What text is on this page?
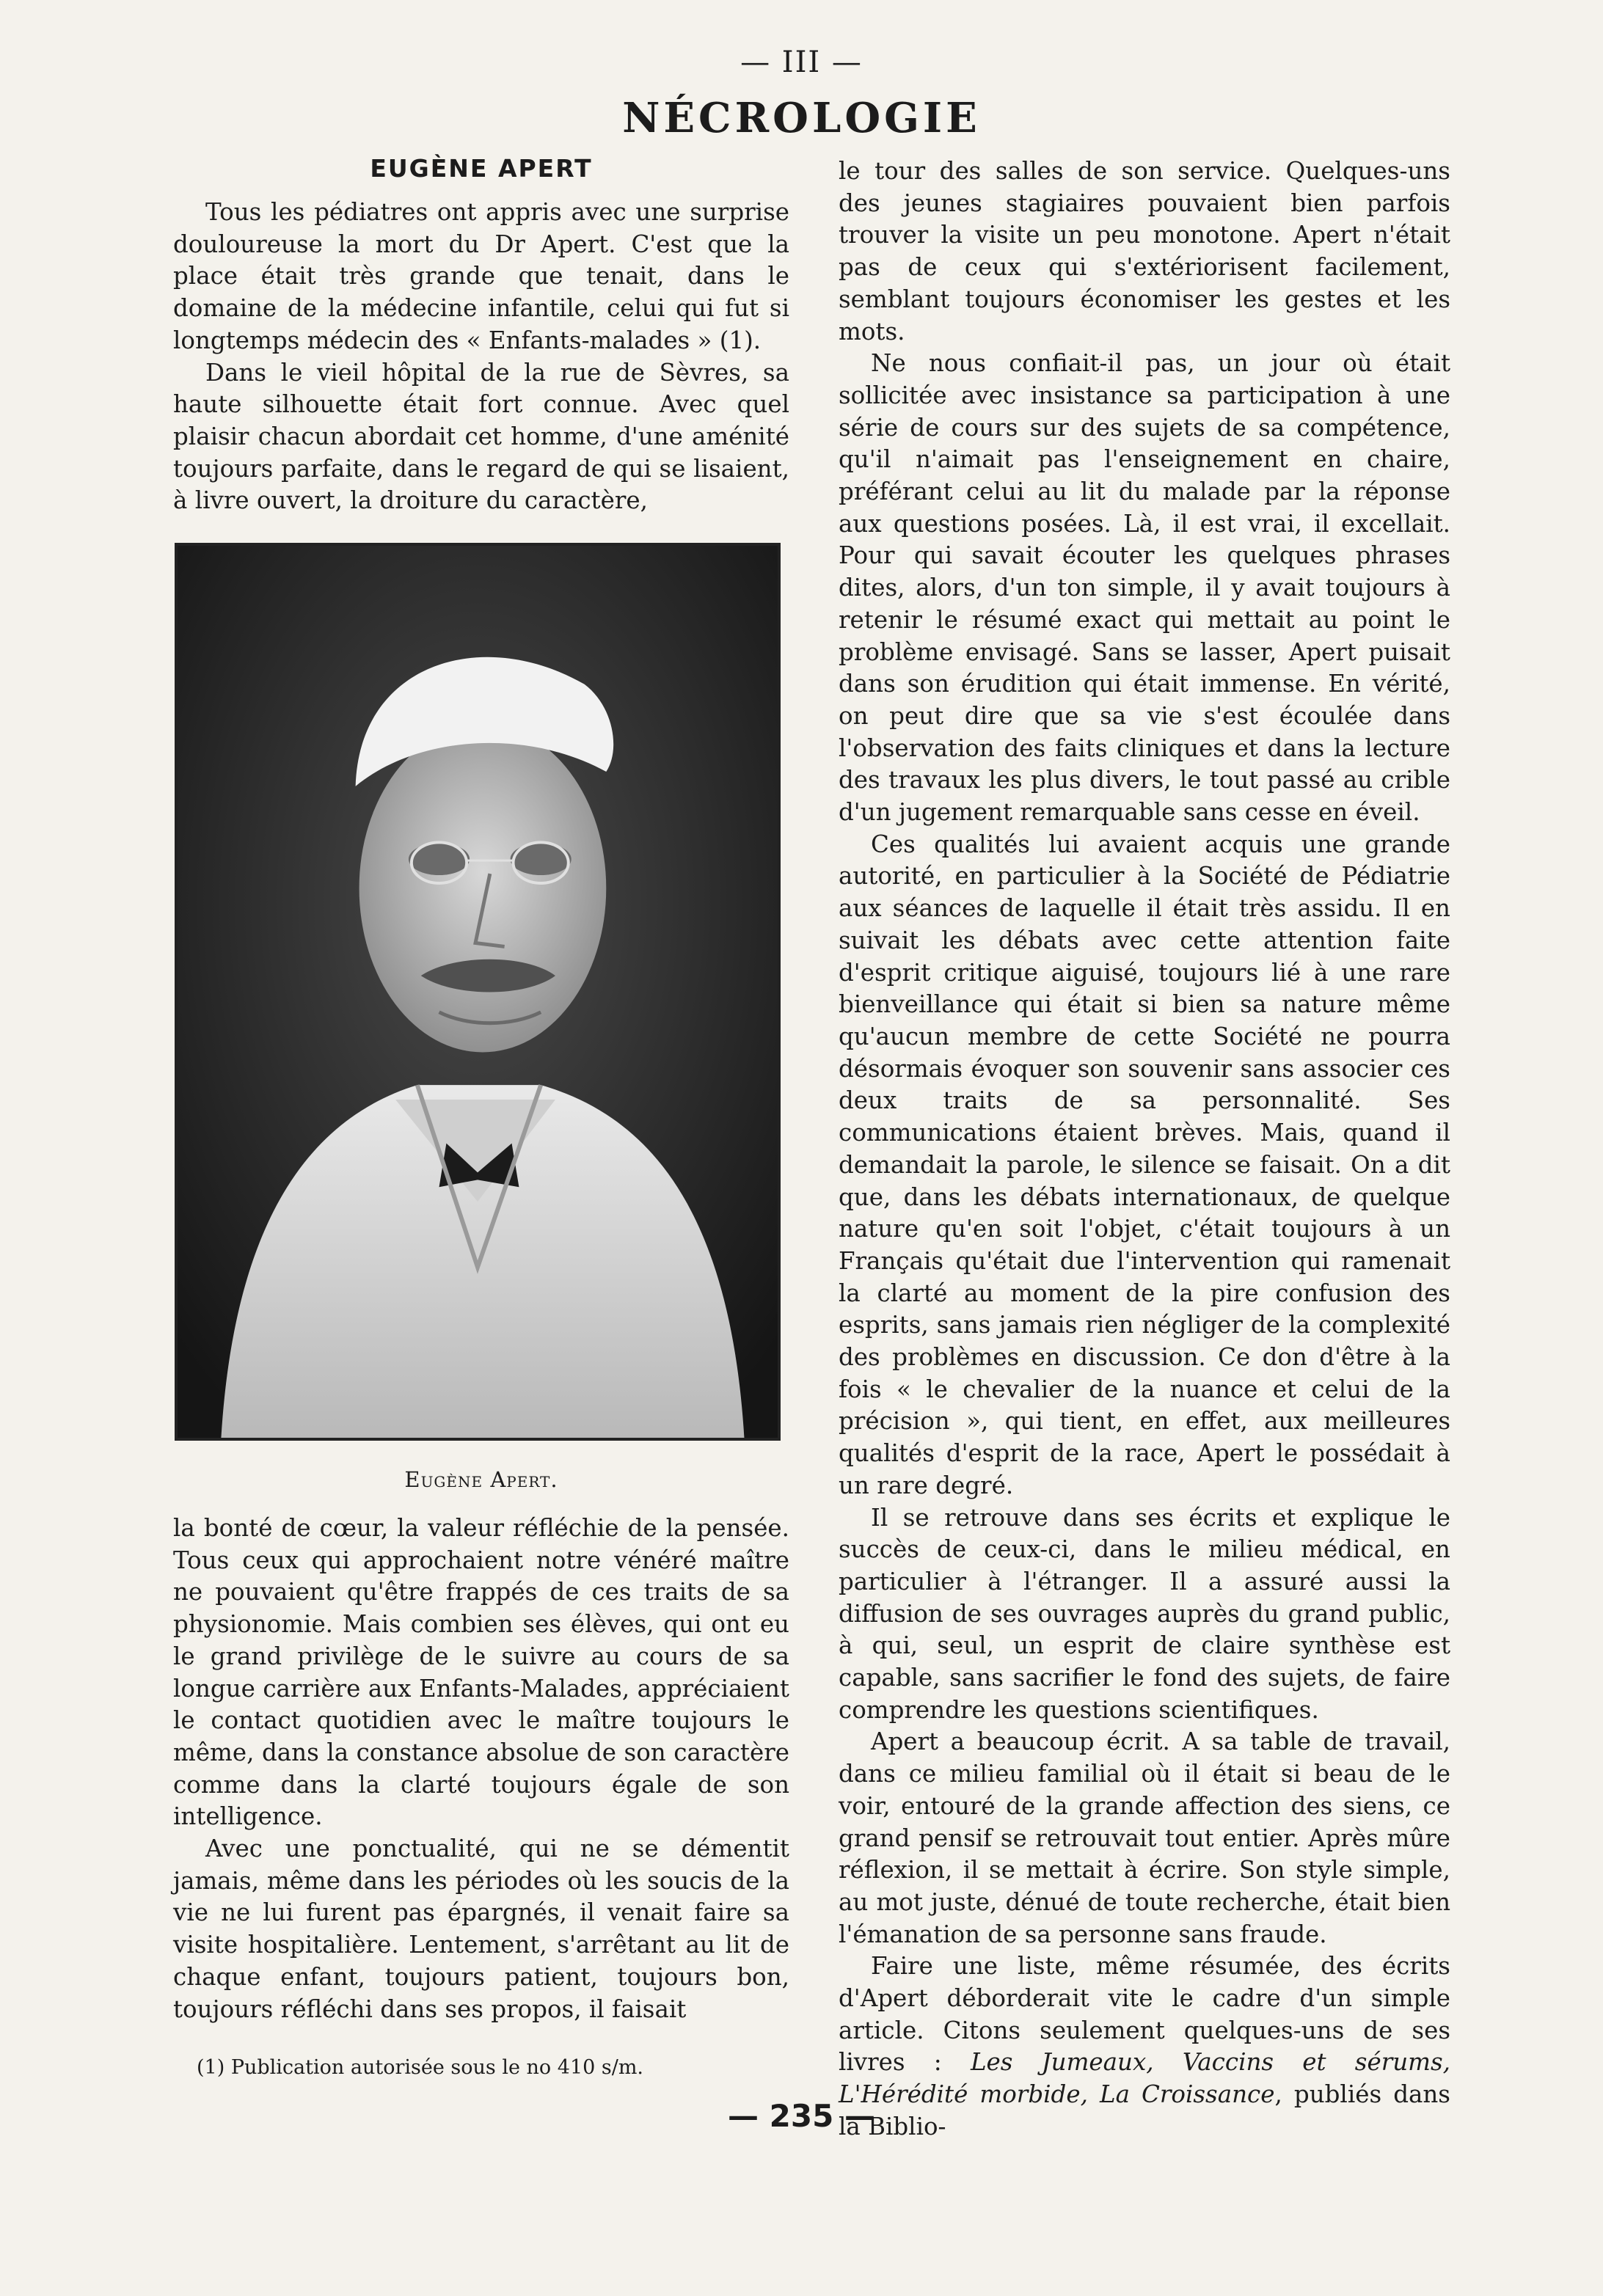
— III —
NÉCROLOGIE
EUGÈNE APERT

Tous les pédiatres ont appris avec une surprise douloureuse la mort du Dr Apert. C'est que la place était très grande que tenait, dans le domaine de la médecine infantile, celui qui fut si longtemps médecin des « Enfants-malades » (1).

Dans le vieil hôpital de la rue de Sèvres, sa haute silhouette était fort connue. Avec quel plaisir chacun abordait cet homme, d'une aménité toujours parfaite, dans le regard de qui se lisaient, à livre ouvert, la droiture du caractère,

Eugène Apert.

la bonté de cœur, la valeur réfléchie de la pensée. Tous ceux qui approchaient notre vénéré maître ne pouvaient qu'être frappés de ces traits de sa physionomie. Mais combien ses élèves, qui ont eu le grand privilège de le suivre au cours de sa longue carrière aux Enfants-Malades, appréciaient le contact quotidien avec le maître toujours le même, dans la constance absolue de son caractère comme dans la clarté toujours égale de son intelligence.

Avec une ponctualité, qui ne se démentit jamais, même dans les périodes où les soucis de la vie ne lui furent pas épargnés, il venait faire sa visite hospitalière. Lentement, s'arrêtant au lit de chaque enfant, toujours patient, toujours bon, toujours réfléchi dans ses propos, il faisait

(1) Publication autorisée sous le no 410 s/m.

le tour des salles de son service. Quelques-uns des jeunes stagiaires pouvaient bien parfois trouver la visite un peu monotone. Apert n'était pas de ceux qui s'extériorisent facilement, semblant toujours économiser les gestes et les mots.

Ne nous confiait-il pas, un jour où était sollicitée avec insistance sa participation à une série de cours sur des sujets de sa compétence, qu'il n'aimait pas l'enseignement en chaire, préférant celui au lit du malade par la réponse aux questions posées. Là, il est vrai, il excellait. Pour qui savait écouter les quelques phrases dites, alors, d'un ton simple, il y avait toujours à retenir le résumé exact qui mettait au point le problème envisagé. Sans se lasser, Apert puisait dans son érudition qui était immense. En vérité, on peut dire que sa vie s'est écoulée dans l'observation des faits cliniques et dans la lecture des travaux les plus divers, le tout passé au crible d'un jugement remarquable sans cesse en éveil.

Ces qualités lui avaient acquis une grande autorité, en particulier à la Société de Pédiatrie aux séances de laquelle il était très assidu. Il en suivait les débats avec cette attention faite d'esprit critique aiguisé, toujours lié à une rare bienveillance qui était si bien sa nature même qu'aucun membre de cette Société ne pourra désormais évoquer son souvenir sans associer ces deux traits de sa personnalité. Ses communications étaient brèves. Mais, quand il demandait la parole, le silence se faisait. On a dit que, dans les débats internationaux, de quelque nature qu'en soit l'objet, c'était toujours à un Français qu'était due l'intervention qui ramenait la clarté au moment de la pire confusion des esprits, sans jamais rien négliger de la complexité des problèmes en discussion. Ce don d'être à la fois « le chevalier de la nuance et celui de la précision », qui tient, en effet, aux meilleures qualités d'esprit de la race, Apert le possédait à un rare degré.

Il se retrouve dans ses écrits et explique le succès de ceux-ci, dans le milieu médical, en particulier à l'étranger. Il a assuré aussi la diffusion de ses ouvrages auprès du grand public, à qui, seul, un esprit de claire synthèse est capable, sans sacrifier le fond des sujets, de faire comprendre les questions scientifiques.

Apert a beaucoup écrit. A sa table de travail, dans ce milieu familial où il était si beau de le voir, entouré de la grande affection des siens, ce grand pensif se retrouvait tout entier. Après mûre réflexion, il se mettait à écrire. Son style simple, au mot juste, dénué de toute recherche, était bien l'émanation de sa personne sans fraude.

Faire une liste, même résumée, des écrits d'Apert déborderait vite le cadre d'un simple article. Citons seulement quelques-uns de ses livres : Les Jumeaux, Vaccins et sérums, L'Hérédité morbide, La Croissance, publiés dans la Biblio-

— 235 —
